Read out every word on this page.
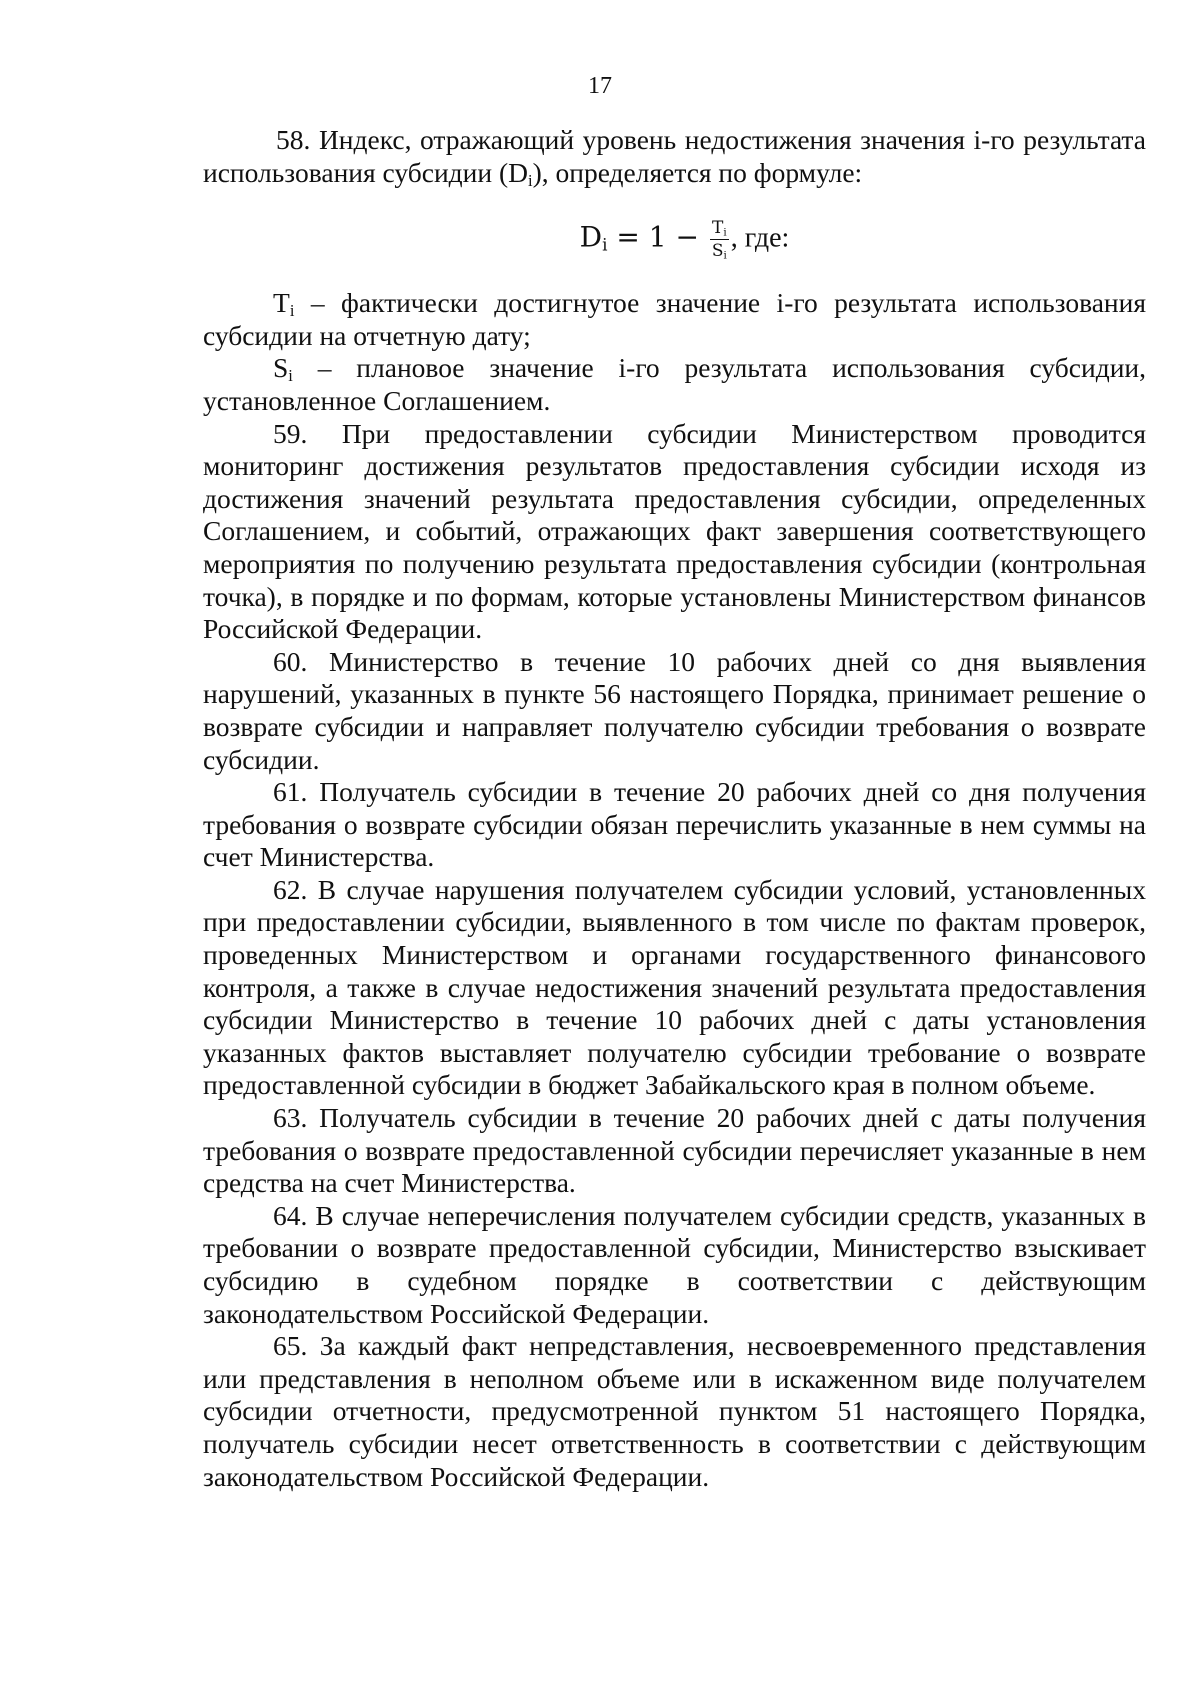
17

58. Индекс, отражающий уровень недостижения значения i-го результата использования субсидии $(D_i)$, определяется по формуле:

$D_i = 1 - \frac{T_i}{S_i}$ , где:

$T_i$ – фактически достигнутое значение i-го результата использования субсидии на отчетную дату;

$S_i$ – плановое значение i-го результата использования субсидии, установленное Соглашением.

59. При предоставлении субсидии Министерством проводится мониторинг достижения результатов предоставления субсидии исходя из достижения значений результата предоставления субсидии, определенных Соглашением, и событий, отражающих факт завершения соответствующего мероприятия по получению результата предоставления субсидии (контрольная точка), в порядке и по формам, которые установлены Министерством финансов Российской Федерации.

60. Министерство в течение 10 рабочих дней со дня выявления нарушений, указанных в пункте 56 настоящего Порядка, принимает решение о возврате субсидии и направляет получателю субсидии требования о возврате субсидии.

61. Получатель субсидии в течение 20 рабочих дней со дня получения требования о возврате субсидии обязан перечислить указанные в нем суммы на счет Министерства.

62. В случае нарушения получателем субсидии условий, установленных при предоставлении субсидии, выявленного в том числе по фактам проверок, проведенных Министерством и органами государственного финансового контроля, а также в случае недостижения значений результата предоставления субсидии Министерство в течение 10 рабочих дней с даты установления указанных фактов выставляет получателю субсидии требование о возврате предоставленной субсидии в бюджет Забайкальского края в полном объеме.

63. Получатель субсидии в течение 20 рабочих дней с даты получения требования о возврате предоставленной субсидии перечисляет указанные в нем средства на счет Министерства.

64. В случае неперечисления получателем субсидии средств, указанных в требовании о возврате предоставленной субсидии, Министерство взыскивает субсидию в судебном порядке в соответствии с действующим законодательством Российской Федерации.

65. За каждый факт непредставления, несвоевременного представления или представления в неполном объеме или в искаженном виде получателем субсидии отчетности, предусмотренной пунктом 51 настоящего Порядка, получатель субсидии несет ответственность в соответствии с действующим законодательством Российской Федерации.
